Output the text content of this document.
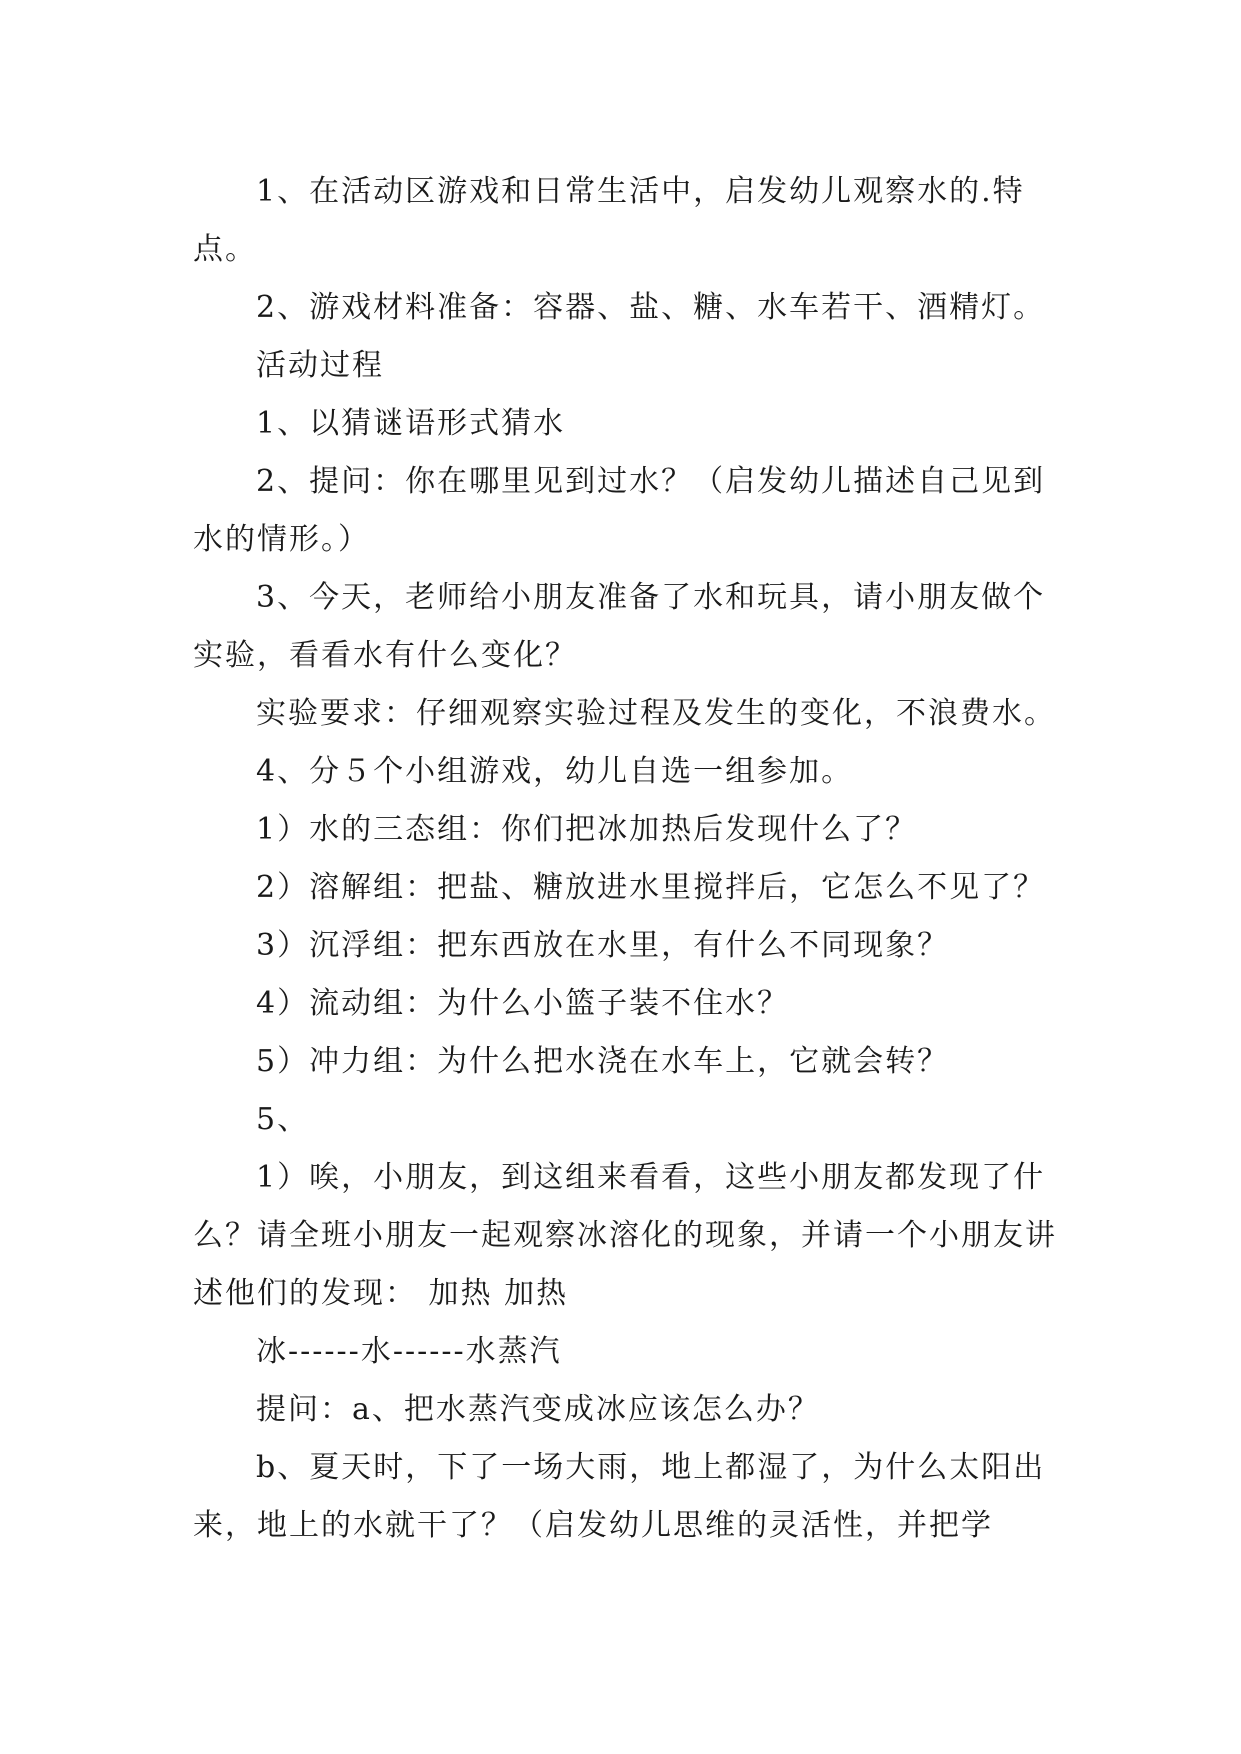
1、在活动区游戏和日常生活中，启发幼儿观察水的.特点。

2、游戏材料准备：容器、盐、糖、水车若干、酒精灯。

活动过程

1、以猜谜语形式猜水

2、提问：你在哪里见到过水？（启发幼儿描述自己见到水的情形。）

3、今天，老师给小朋友准备了水和玩具，请小朋友做个实验，看看水有什么变化？

实验要求：仔细观察实验过程及发生的变化，不浪费水。

4、分５个小组游戏，幼儿自选一组参加。

1）水的三态组：你们把冰加热后发现什么了？

2）溶解组：把盐、糖放进水里搅拌后，它怎么不见了？

3）沉浮组：把东西放在水里，有什么不同现象？

4）流动组：为什么小篮子装不住水？

5）冲力组：为什么把水浇在水车上，它就会转？

5、

1）唉，小朋友，到这组来看看，这些小朋友都发现了什么？请全班小朋友一起观察冰溶化的现象，并请一个小朋友讲述他们的发现： 加热 加热

冰------水------水蒸汽

提问：a、把水蒸汽变成冰应该怎么办？

b、夏天时，下了一场大雨，地上都湿了，为什么太阳出来，地上的水就干了？（启发幼儿思维的灵活性，并把学
